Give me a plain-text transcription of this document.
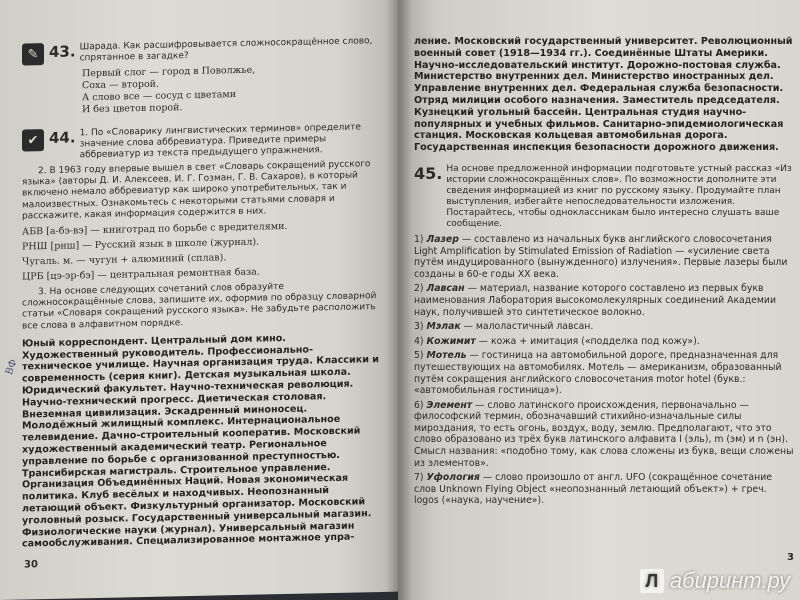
✎ 43. Шарада. Как расшифровывается сложносокращённое слово, спрятанное в загадке?
Первый слог — город в Поволжье,
Соха — второй.
А слово все — сосуд с цветами
И без цветов порой.
✔ 44. 1. По «Словарику лингвистических терминов» определите значение слова аббревиатура. Приведите примеры аббревиатур из текста предыдущего упражнения.
2. В 1963 году впервые вышел в свет «Словарь сокращений русского языка» (авторы Д. И. Алексеев, И. Г. Гозман, Г. В. Сахаров), в который включено немало аббревиатур как широко употребительных, так и малоизвестных. Ознакомьтесь с некоторыми статьями словаря и расскажите, какая информация содержится в них.
АБВ [а-бэ-вэ] — книготрад по борьбе с вредителями.
РНШ [рнш] — Русский язык в школе (журнал).
Чугаль. м. — чугун + алюминий (сплав).
ЦРБ [цэ-эр-бэ] — центральная ремонтная база.
3. На основе следующих сочетаний слов образуйте сложносокращённые слова, запишите их, оформив по образцу словарной статьи «Словаря сокращений русского языка». Не забудьте расположить все слова в алфавитном порядке.
Юный корреспондент. Центральный дом кино. Художественный руководитель. Профессионально-техническое училище. Научная организация труда. Классики и современность (серия книг). Детская музыкальная школа. Юридический факультет. Научно-техническая революция. Научно-технический прогресс. Диетическая столовая. Внеземная цивилизация. Эскадренный миноносец. Молодёжный жилищный комплекс. Интернациональное телевидение. Дачно-строительный кооператив. Московский художественный академический театр. Региональное управление по борьбе с организованной преступностью. Трансибирская магистраль. Строительное управление. Организация Объединённых Наций. Новая экономическая политика. Клуб весёлых и находчивых. Неопознанный летающий объект. Физкультурный организатор. Московский уголовный розыск. Государственный универсальный магазин. Физиологические науки (журнал). Универсальный магазин самообслуживания. Специализированное монтажное упра-
ВФ
30
ление. Московский государственный университет. Революционный военный совет (1918—1934 гг.). Соединённые Штаты Америки. Научно-исследовательский институт. Дорожно-постовая служба. Министерство внутренних дел. Министерство иностранных дел. Управление внутренних дел. Федеральная служба безопасности. Отряд милиции особого назначения. Заместитель председателя. Кузнецкий угольный бассейн. Центральная студия научно-популярных и учебных фильмов. Санитарно-эпидемиологическая станция. Московская кольцевая автомобильная дорога. Государственная инспекция безопасности дорожного движения.
45. На основе предложенной информации подготовьте устный рассказ «Из истории сложносокращённых слов». По возможности дополните эти сведения информацией из книг по русскому языку. Продумайте план выступления, избегайте непоследовательности изложения. Постарайтесь, чтобы одноклассникам было интересно слушать ваше сообщение.
1) Лазер — составлено из начальных букв английского словосочетания Light Amplification by Stimulated Emission of Radiation — «усиление света путём индуцированного (вынужденного) излучения». Первые лазеры были созданы в 60-е годы XX века.
2) Лавсан — материал, название которого составлено из первых букв наименования Лаборатория высокомолекулярных соединений Академии наук, получившей это синтетическое волокно.
3) Мэлак — малоластичный лавсан.
4) Кожимит — кожа + имитация («подделка под кожу»).
5) Мотель — гостиница на автомобильной дороге, предназначенная для путешествующих на автомобилях. Мотель — американизм, образованный путём сокращения английского словосочетания motor hotel (букв.: «автомобильная гостиница»).
6) Элемент — слово латинского происхождения, первоначально — философский термин, обозначавший стихийно-изначальные силы мироздания, то есть огонь, воздух, воду, землю. Предполагают, что это слово образовано из трёх букв латинского алфавита l (эль), m (эм) и n (эн). Смысл названия: «подобно тому, как слова сложены из букв, вещи сложены из элементов».
7) Уфология — слово произошло от англ. UFO (сокращённое сочетание слов Unknown Flying Object «неопознанный летающий объект») + греч. logos («наука, научение»).
3
Л абиринт.ру
